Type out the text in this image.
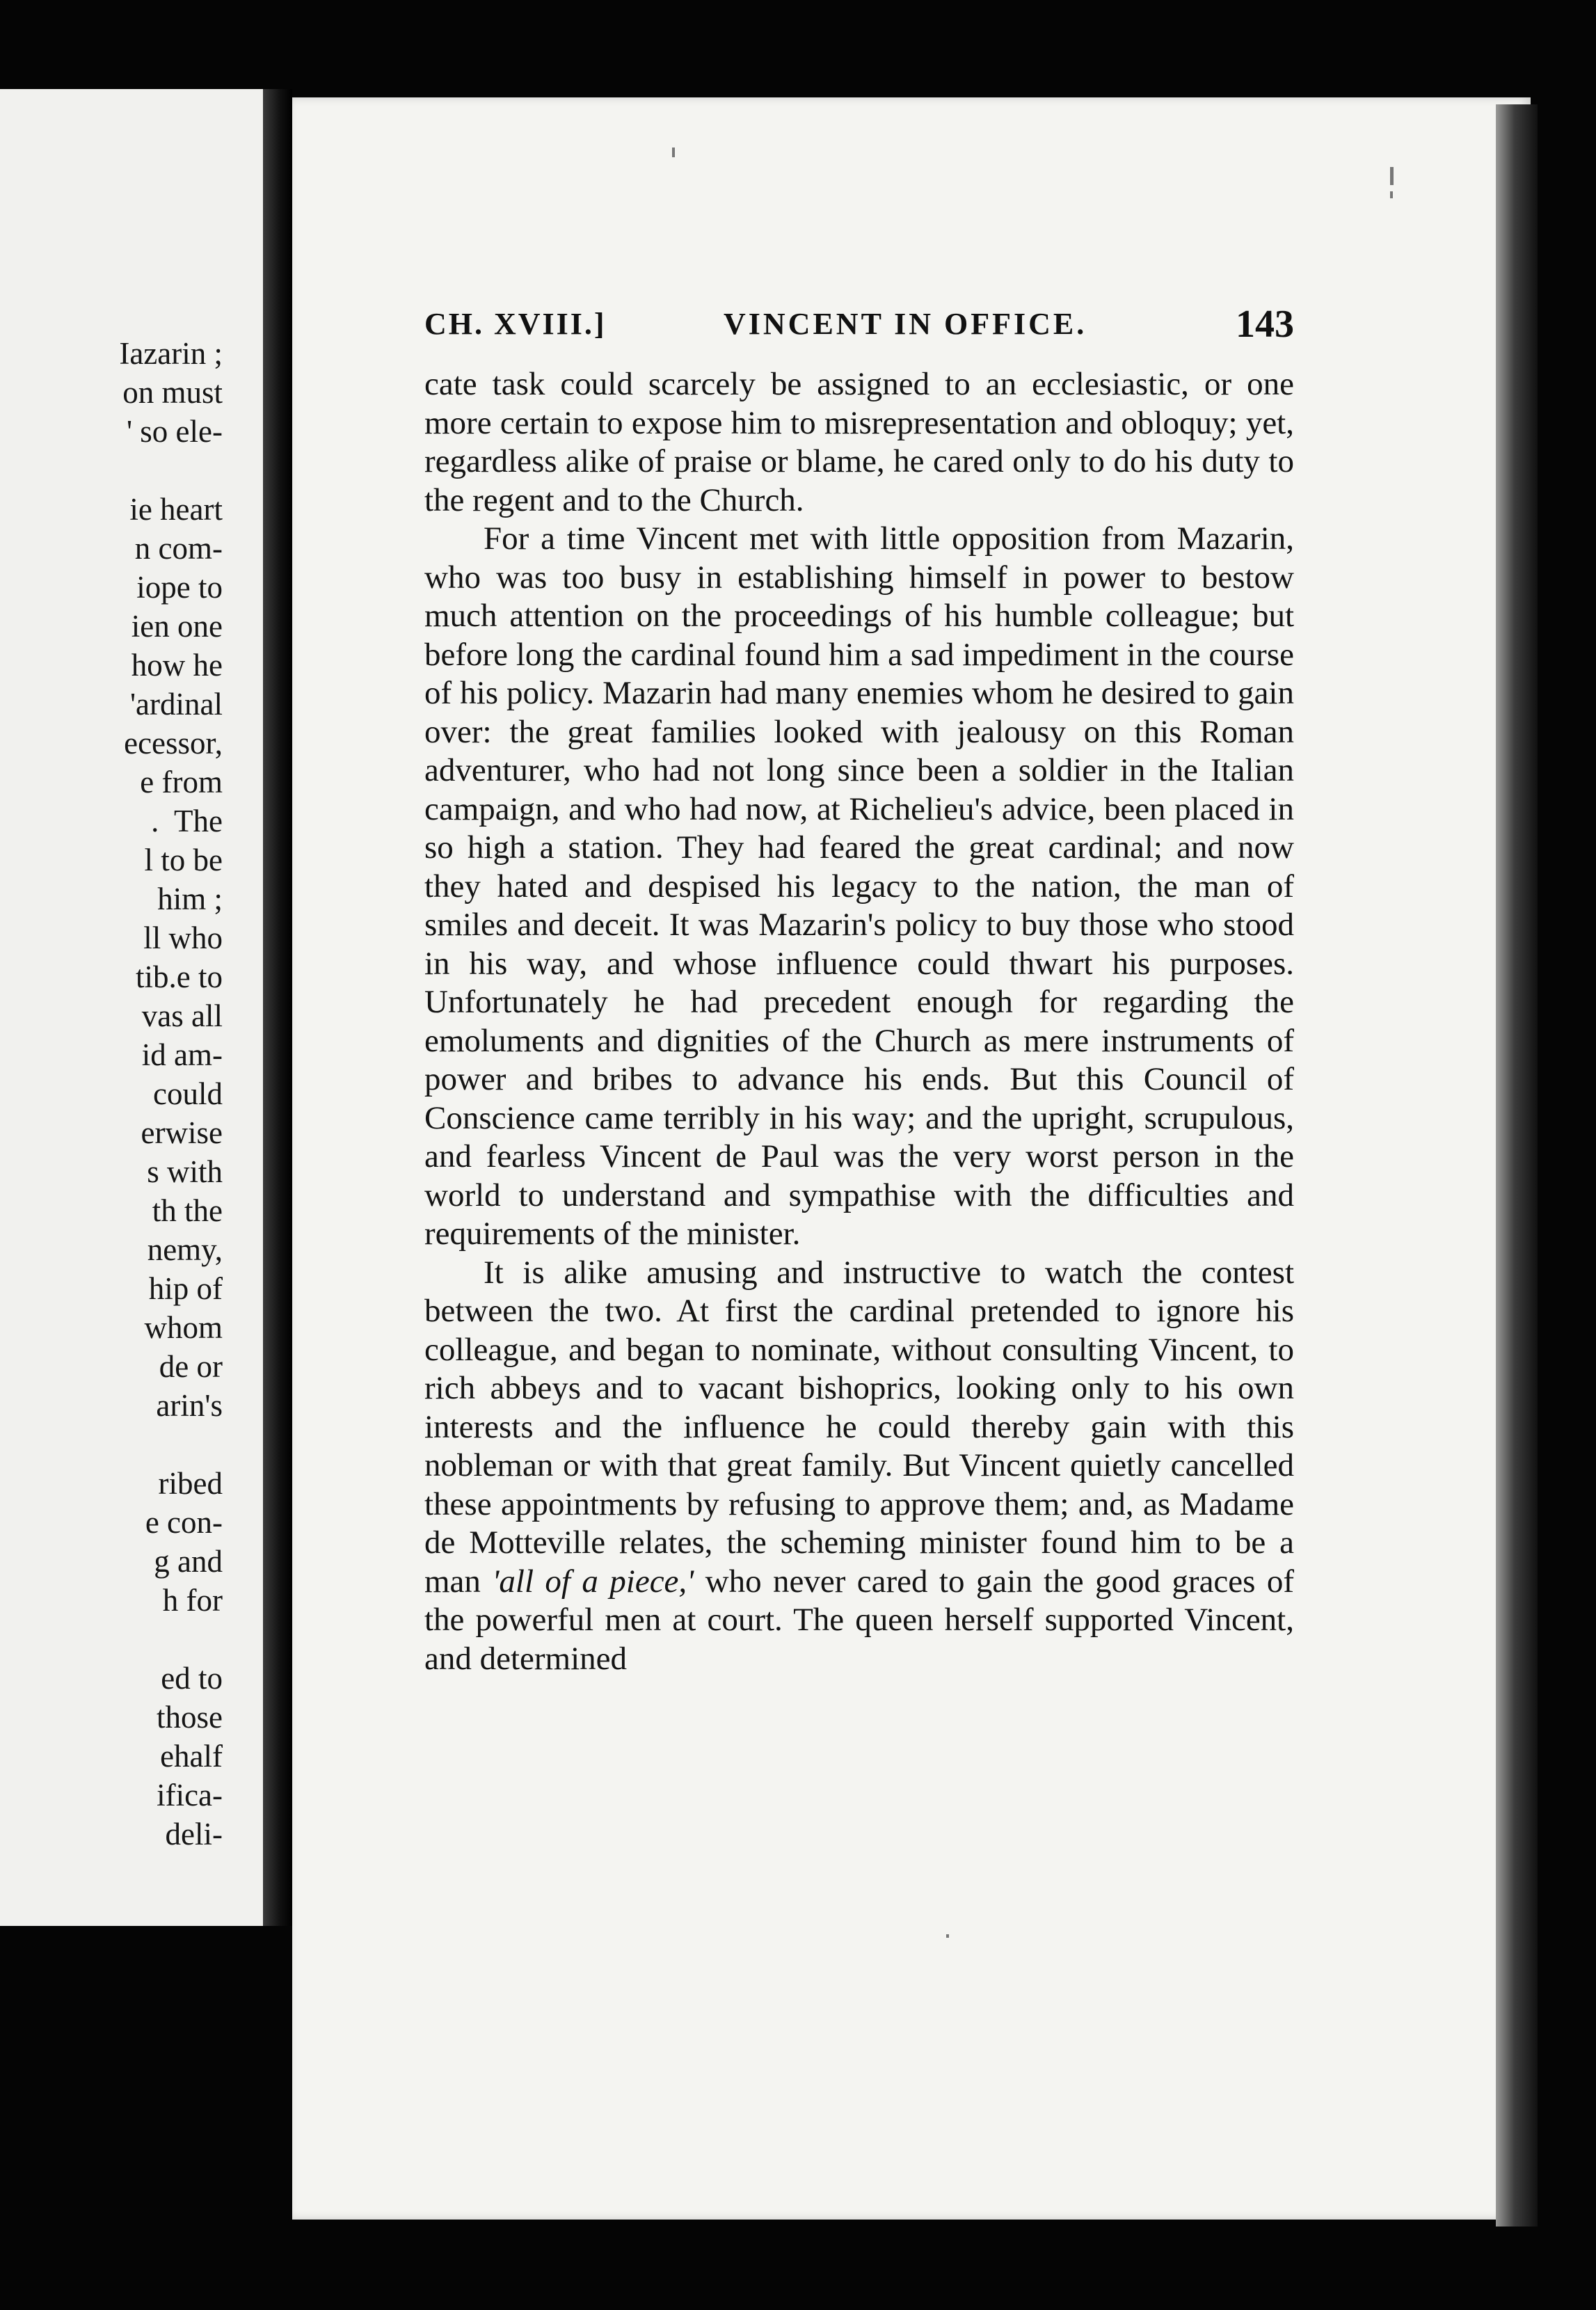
Iazarin ;
on must
' so ele-

ie heart
n com-
iope to
ien one
how he
'ardinal
ecessor,
e from
.  The
l to be
him ;
ll who
tib.e to
vas all
id am-
could
erwise
s with
th the
nemy,
hip of
whom
de or
arin's

ribed
e con-
g and
h for

ed to
those
ehalf
ifica-
deli-
CH. XVIII.]	VINCENT IN OFFICE.	143

cate task could scarcely be assigned to an ecclesiastic, or one more certain to expose him to misrepresentation and obloquy; yet, regardless alike of praise or blame, he cared only to do his duty to the regent and to the Church.

For a time Vincent met with little opposition from Mazarin, who was too busy in establishing himself in power to bestow much attention on the proceedings of his humble colleague; but before long the cardinal found him a sad impediment in the course of his policy. Mazarin had many enemies whom he desired to gain over: the great families looked with jealousy on this Roman adventurer, who had not long since been a soldier in the Italian campaign, and who had now, at Richelieu's advice, been placed in so high a station. They had feared the great cardinal; and now they hated and despised his legacy to the nation, the man of smiles and deceit. It was Mazarin's policy to buy those who stood in his way, and whose influence could thwart his purposes. Unfortunately he had precedent enough for regarding the emoluments and dignities of the Church as mere instruments of power and bribes to advance his ends. But this Council of Conscience came terribly in his way; and the upright, scrupulous, and fearless Vincent de Paul was the very worst person in the world to understand and sympathise with the difficulties and requirements of the minister.

It is alike amusing and instructive to watch the contest between the two. At first the cardinal pretended to ignore his colleague, and began to nominate, without consulting Vincent, to rich abbeys and to vacant bishoprics, looking only to his own interests and the influence he could thereby gain with this nobleman or with that great family. But Vincent quietly cancelled these appointments by refusing to approve them; and, as Madame de Motteville relates, the scheming minister found him to be a man 'all of a piece,' who never cared to gain the good graces of the powerful men at court. The queen herself supported Vincent, and determined
